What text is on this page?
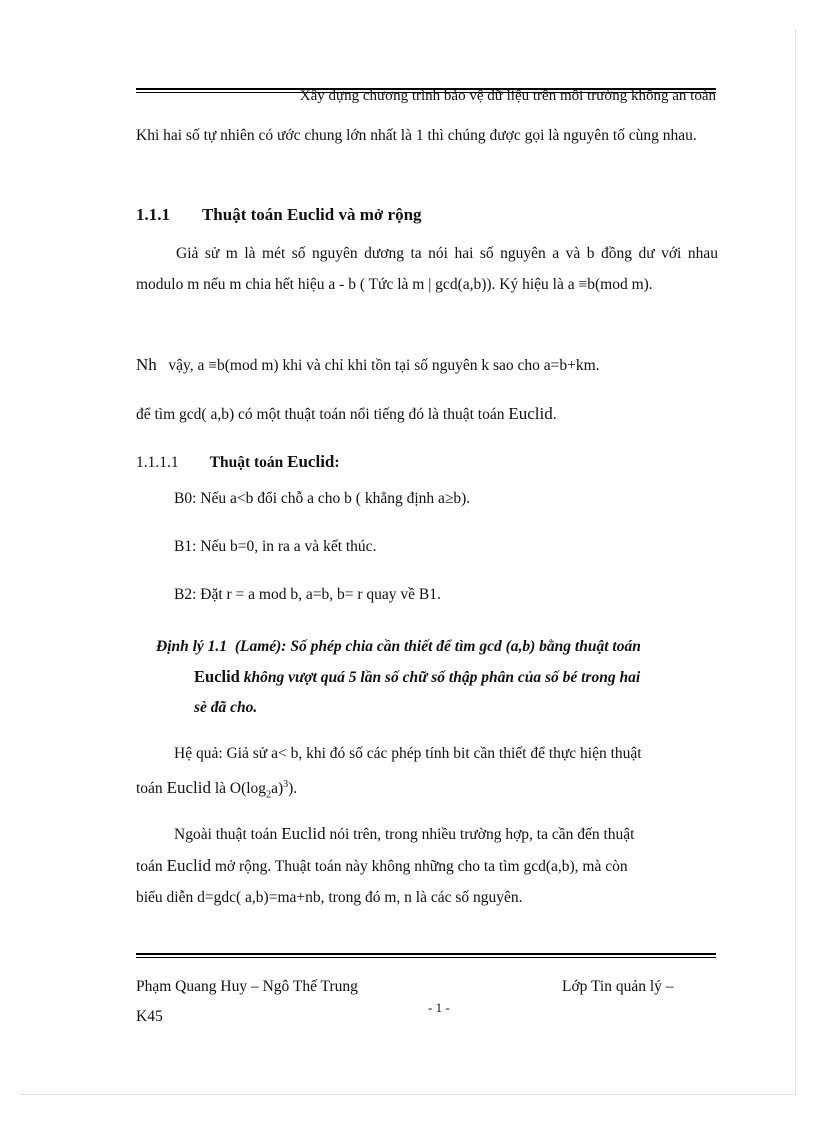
Xây dựng chương trình bảo vệ dữ liệu trên môi trường không an toàn
Khi hai số tự nhiên có ước chung lớn nhất là 1 thì chúng được gọi là nguyên tố cùng nhau.
1.1.1 Thuật toán Euclid và mở rộng
Giả sử m là mét số nguyên dương ta nói hai số nguyên a và b đồng dư với nhau modulo m nếu m chia hết hiệu a - b ( Tức là m | gcd(a,b)). Ký hiệu là a ≡b(mod m).
Nh vậy, a ≡b(mod m) khi và chỉ khi tồn tại số nguyên k sao cho a=b+km.
để tìm gcd( a,b) có một thuật toán nổi tiếng đó là thuật toán Euclid.
1.1.1.1 Thuật toán Euclid:
B0: Nếu a<b đổi chỗ a cho b ( khẳng định a≥b).
B1: Nếu b=0, in ra a và kết thúc.
B2: Đặt r = a mod b, a=b, b= r quay về B1.
Định lý 1.1 (Lamé): Số phép chia cần thiết để tìm gcd (a,b) bằng thuật toán
Euclid không vượt quá 5 lần số chữ số thập phân của số bé trong hai
sè đã cho.
Hệ quả: Giả sử a< b, khi đó số các phép tính bit cần thiết để thực hiện thuật
toán Euclid là $O(\log_2a)^3$).
Ngoài thuật toán Euclid nói trên, trong nhiều trường hợp, ta cần đến thuật
toán Euclid mở rộng. Thuật toán này không những cho ta tìm gcd(a,b), mà còn
biểu diễn d=gdc( a,b)=ma+nb, trong đó m, n là các số nguyên.
Phạm Quang Huy – Ngô Thế Trung
- 1 -
Lớp Tin quản lý –
K45
